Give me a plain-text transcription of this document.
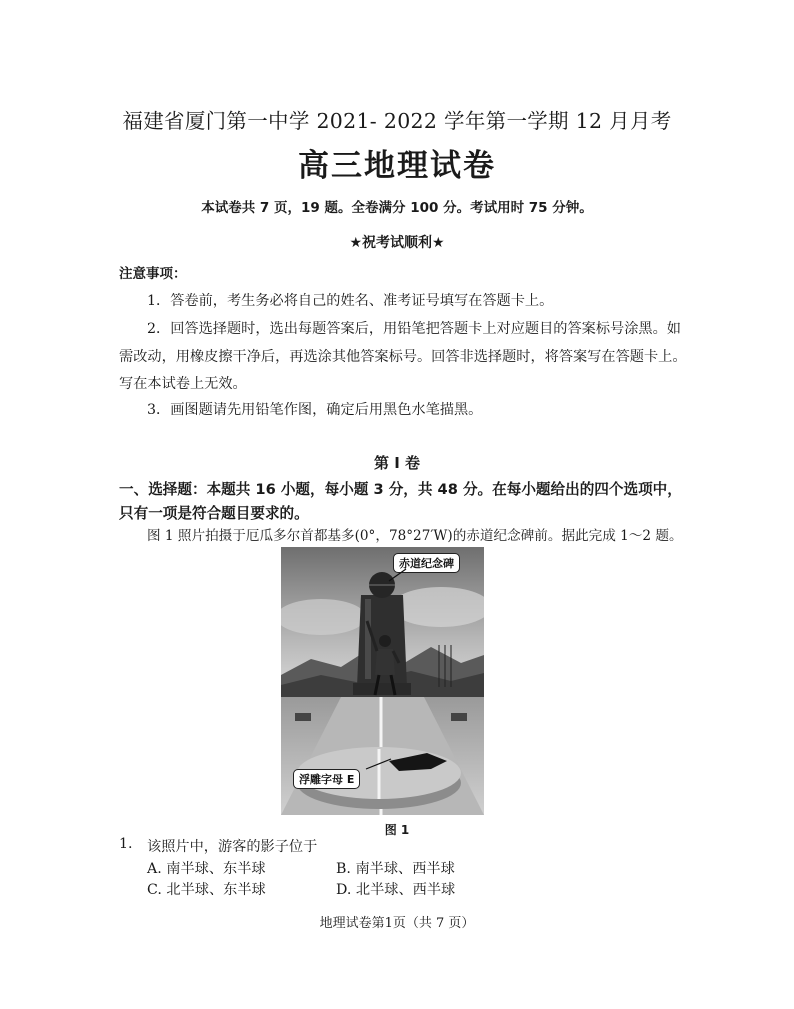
福建省厦门第一中学 2021- 2022 学年第一学期 12 月月考
高三地理试卷
本试卷共 7 页，19 题。全卷满分 100 分。考试用时 75 分钟。
★祝考试顺利★
注意事项：
1．答卷前，考生务必将自己的姓名、准考证号填写在答题卡上。
2．回答选择题时，选出每题答案后，用铅笔把答题卡上对应题目的答案标号涂黑。如
需改动，用橡皮擦干净后，再选涂其他答案标号。回答非选择题时，将答案写在答题卡上。
写在本试卷上无效。
3．画图题请先用铅笔作图，确定后用黑色水笔描黑。
第 I 卷
一、选择题：本题共 16 小题，每小题 3 分，共 48 分。在每小题给出的四个选项中，
只有一项是符合题目要求的。
图 1 照片拍摄于厄瓜多尔首都基多(0°，78°27′W)的赤道纪念碑前。据此完成 1～2 题。
赤道纪念碑
浮雕字母 E
图 1
1. 该照片中，游客的影子位于
A. 南半球、东半球	B. 南半球、西半球
C. 北半球、东半球	D. 北半球、西半球
地理试卷第1页（共 7 页）
